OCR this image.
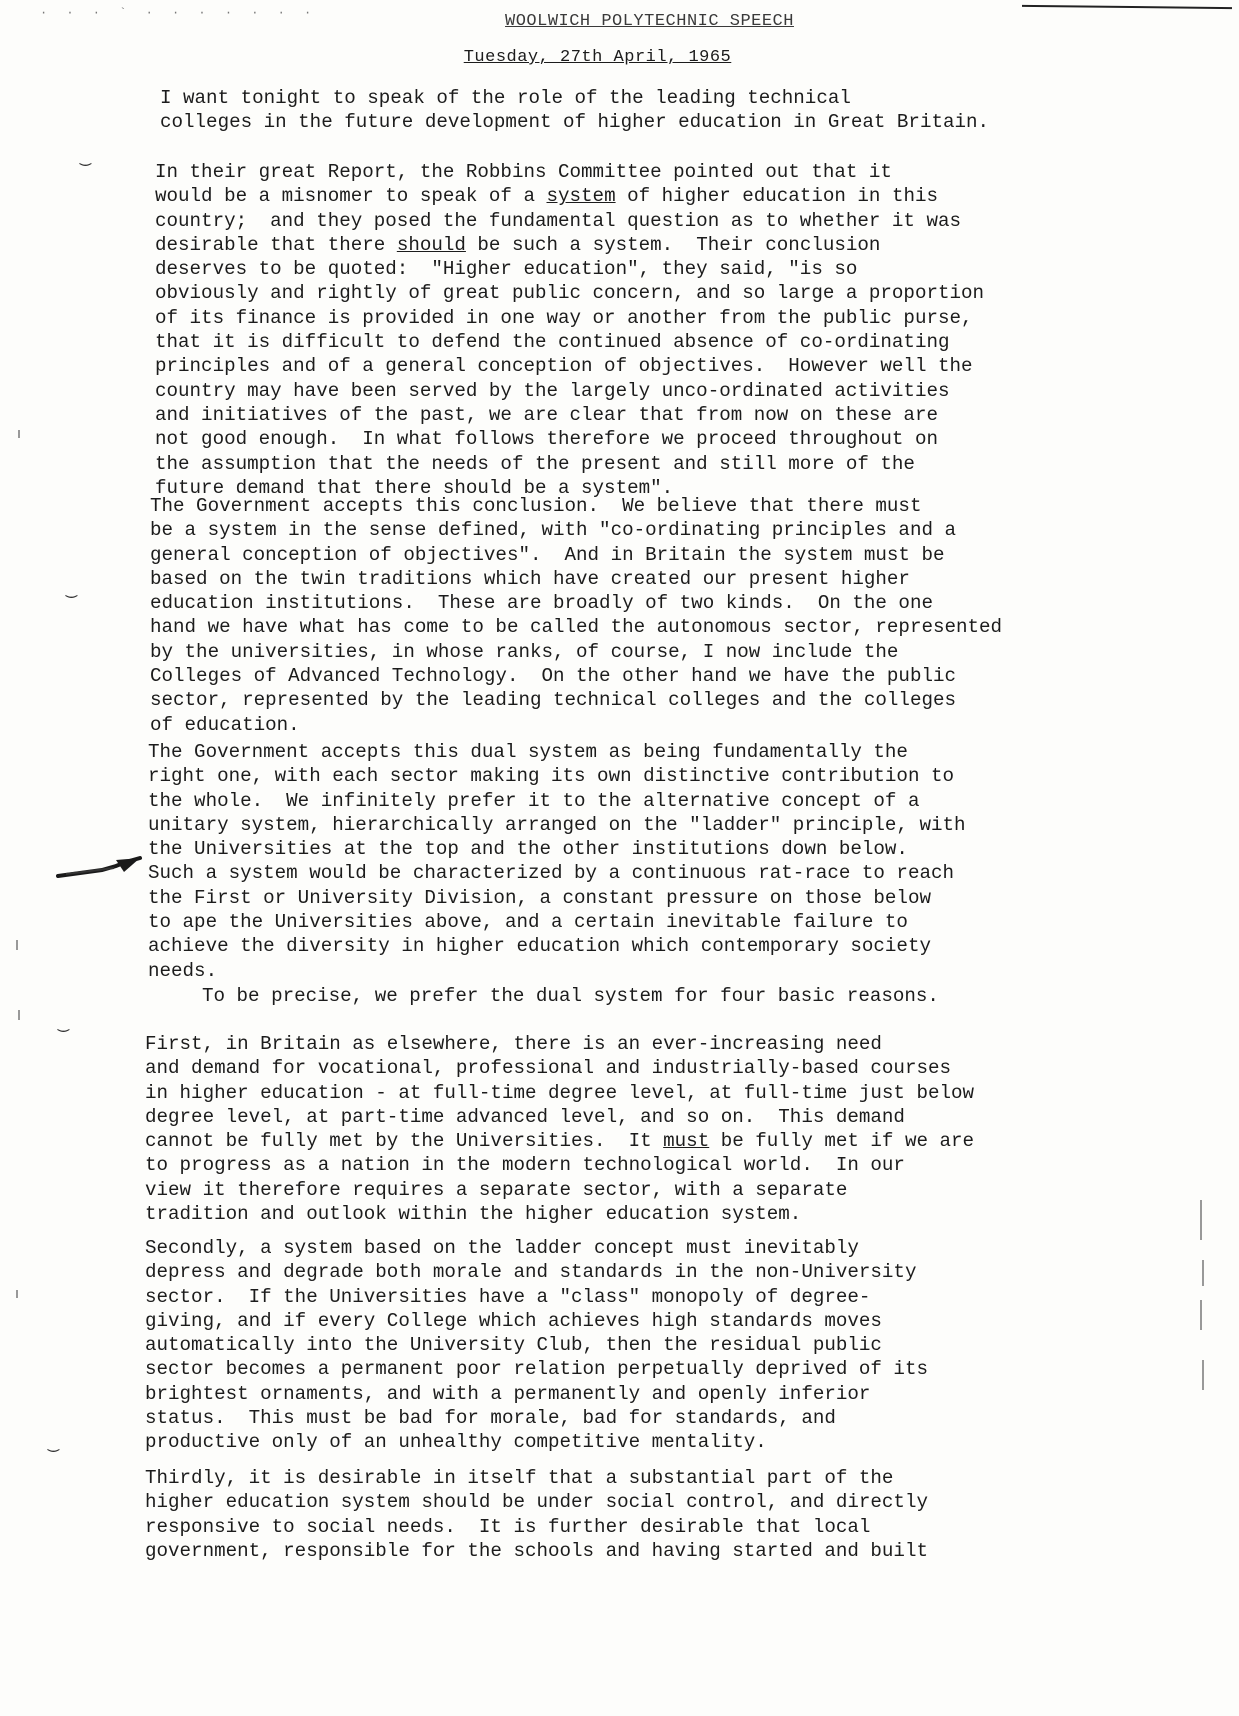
· · · ` · · · · · · ·	WOOLWICH POLYTECHNIC SPEECH
Tuesday, 27th April, 1965

I want tonight to speak of the role of the leading technical
colleges in the future development of higher education in Great Britain.

In their great Report, the Robbins Committee pointed out that it
would be a misnomer to speak of a system of higher education in this
country;  and they posed the fundamental question as to whether it was
desirable that there should be such a system.  Their conclusion
deserves to be quoted:  "Higher education", they said, "is so
obviously and rightly of great public concern, and so large a proportion
of its finance is provided in one way or another from the public purse,
that it is difficult to defend the continued absence of co-ordinating
principles and of a general conception of objectives.  However well the
country may have been served by the largely unco-ordinated activities
and initiatives of the past, we are clear that from now on these are
not good enough.  In what follows therefore we proceed throughout on
the assumption that the needs of the present and still more of the
future demand that there should be a system".

The Government accepts this conclusion.  We believe that there must
be a system in the sense defined, with "co-ordinating principles and a
general conception of objectives".  And in Britain the system must be
based on the twin traditions which have created our present higher
education institutions.  These are broadly of two kinds.  On the one
hand we have what has come to be called the autonomous sector, represented
by the universities, in whose ranks, of course, I now include the
Colleges of Advanced Technology.  On the other hand we have the public
sector, represented by the leading technical colleges and the colleges
of education.

The Government accepts this dual system as being fundamentally the
right one, with each sector making its own distinctive contribution to
the whole.  We infinitely prefer it to the alternative concept of a
unitary system, hierarchically arranged on the "ladder" principle, with
the Universities at the top and the other institutions down below.
Such a system would be characterized by a continuous rat-race to reach
the First or University Division, a constant pressure on those below
to ape the Universities above, and a certain inevitable failure to
achieve the diversity in higher education which contemporary society
needs.

To be precise, we prefer the dual system for four basic reasons.

First, in Britain as elsewhere, there is an ever-increasing need
and demand for vocational, professional and industrially-based courses
in higher education - at full-time degree level, at full-time just below
degree level, at part-time advanced level, and so on.  This demand
cannot be fully met by the Universities.  It must be fully met if we are
to progress as a nation in the modern technological world.  In our
view it therefore requires a separate sector, with a separate
tradition and outlook within the higher education system.

Secondly, a system based on the ladder concept must inevitably
depress and degrade both morale and standards in the non-University
sector.  If the Universities have a "class" monopoly of degree-
giving, and if every College which achieves high standards moves
automatically into the University Club, then the residual public
sector becomes a permanent poor relation perpetually deprived of its
brightest ornaments, and with a permanently and openly inferior
status.  This must be bad for morale, bad for standards, and
productive only of an unhealthy competitive mentality.

Thirdly, it is desirable in itself that a substantial part of the
higher education system should be under social control, and directly
responsive to social needs.  It is further desirable that local
government, responsible for the schools and having started and built

‿
‿
‿
‿
